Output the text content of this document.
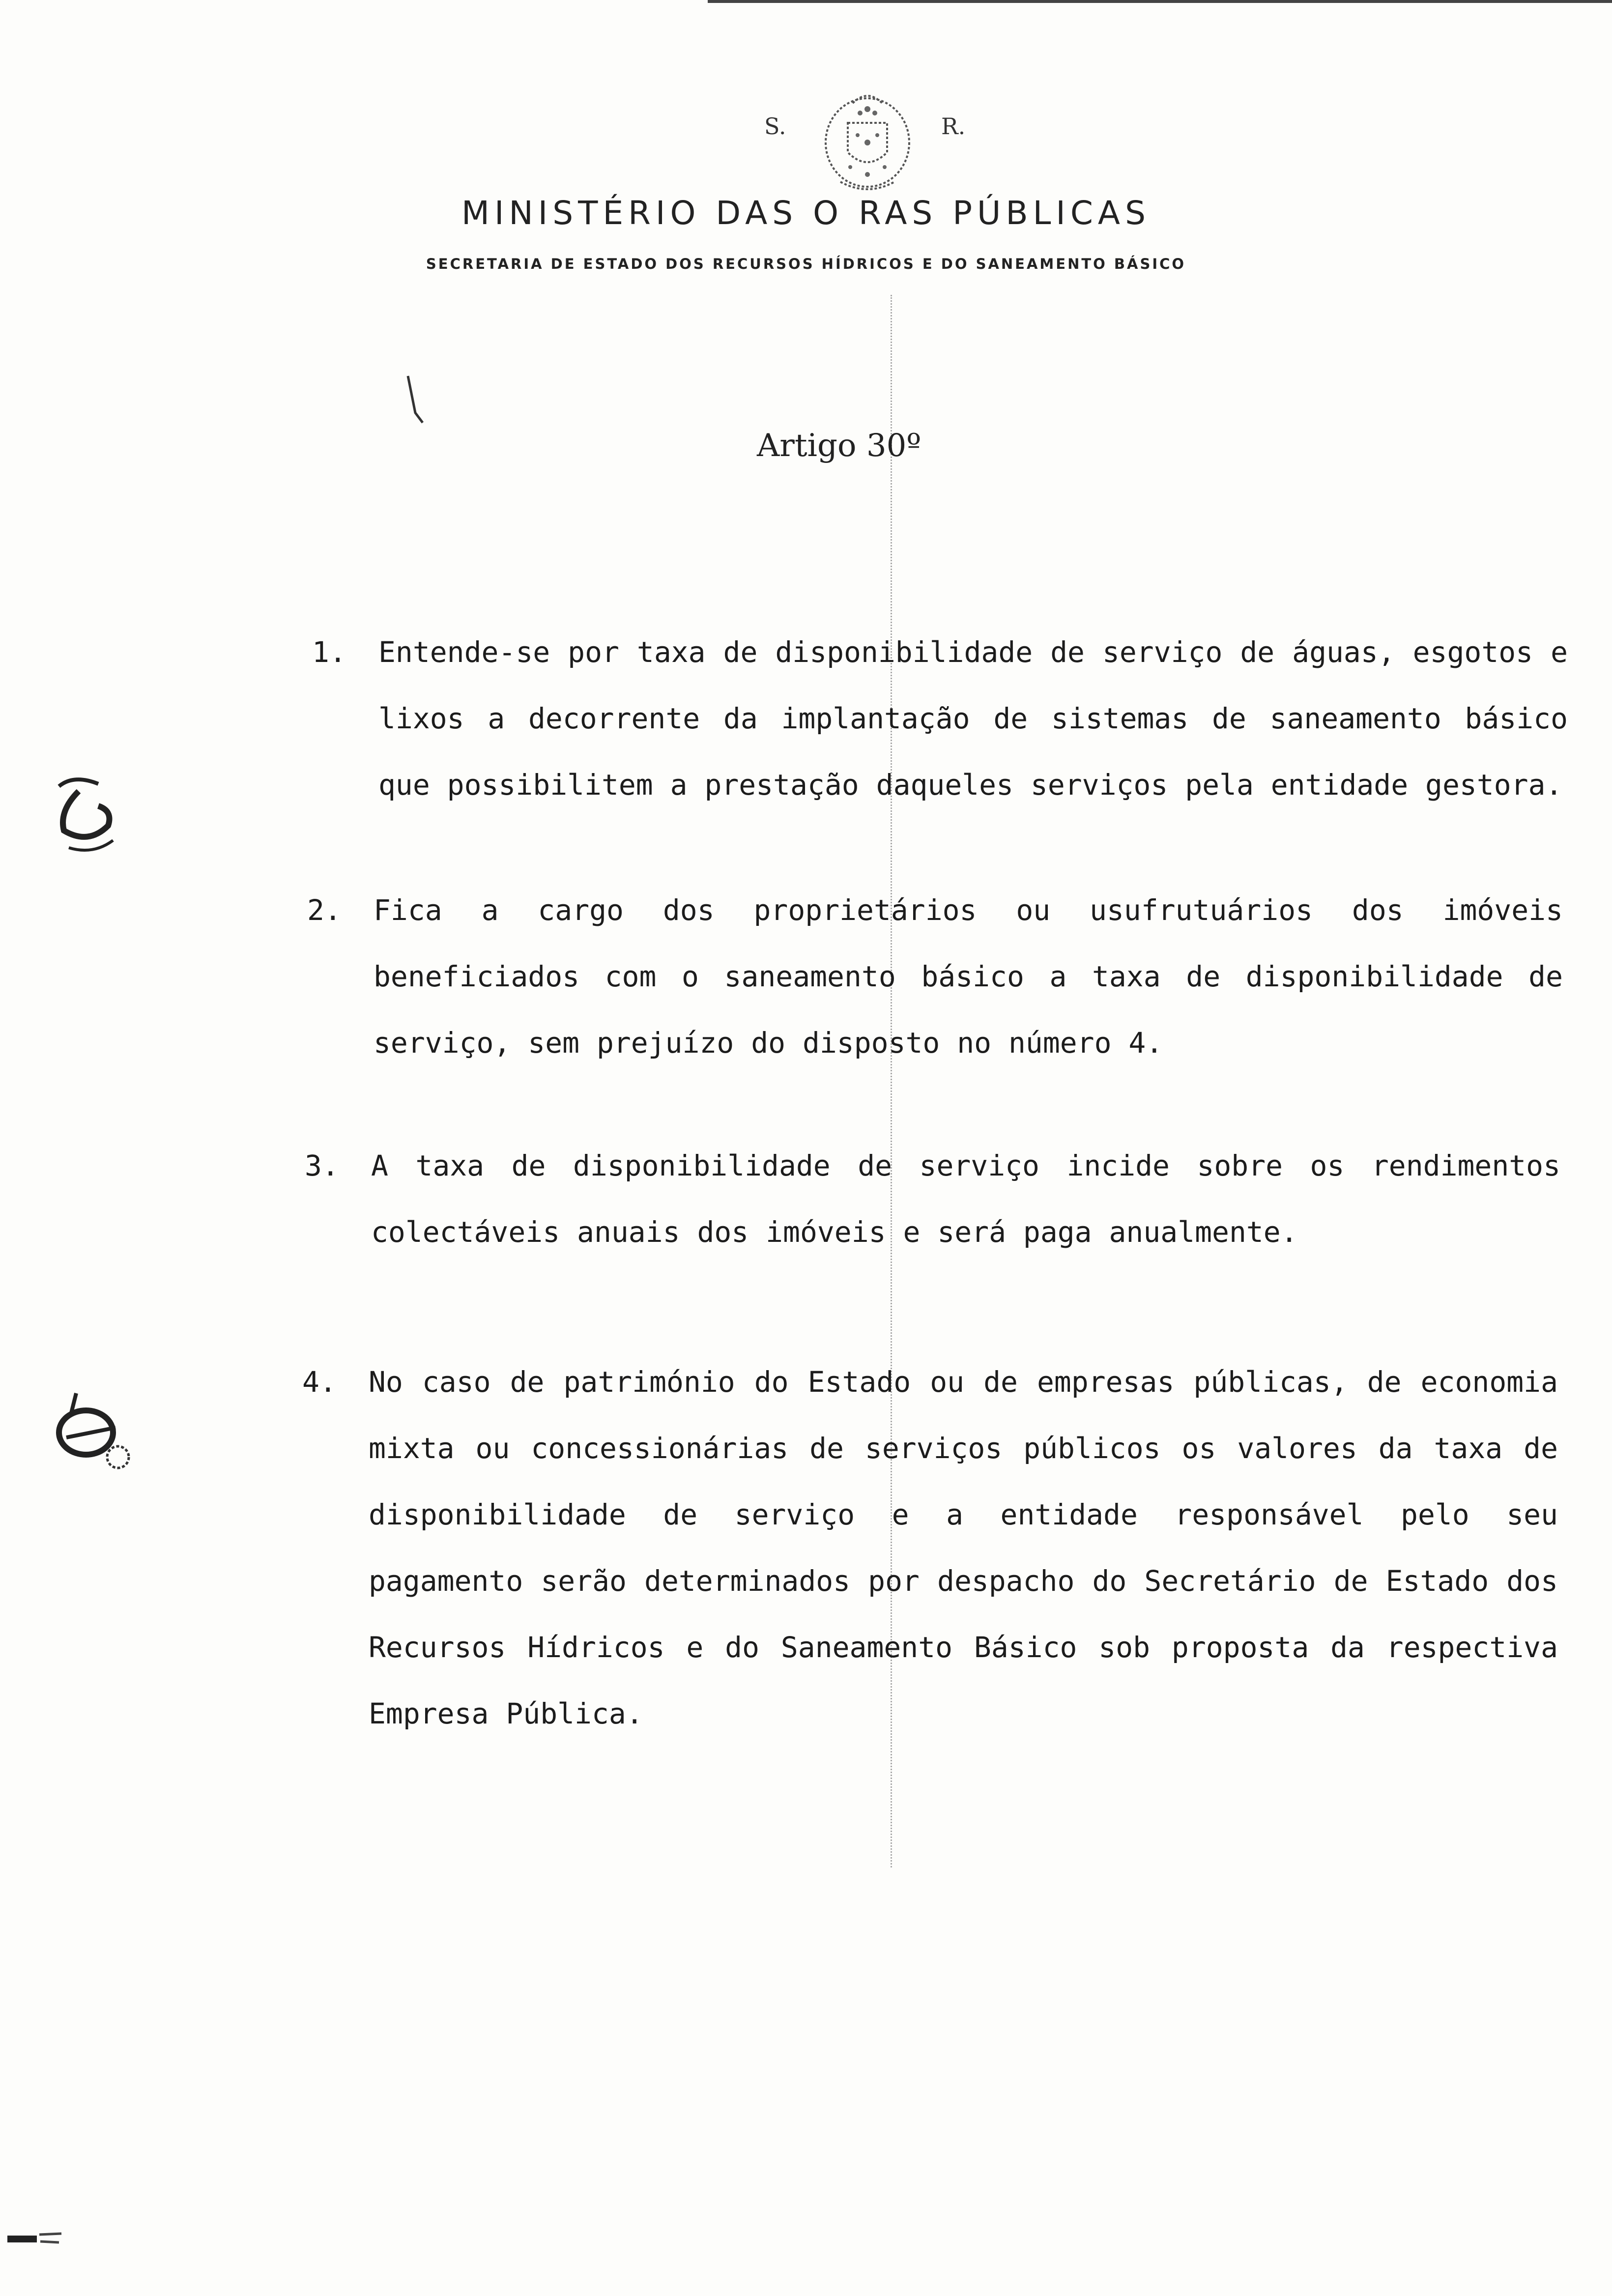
S.	R.
MINISTÉRIO DAS O RAS PÚBLICAS
SECRETARIA DE ESTADO DOS RECURSOS HÍDRICOS E DO SANEAMENTO BÁSICO
Artigo 30º
1. Entende-se por taxa de disponibilidade de serviço de águas, esgotos e lixos a decorrente da implantação de sistemas de saneamento básico que possibilitem a prestação daqueles serviços pela entidade gestora.
2. Fica a cargo dos proprietários ou usufrutuários dos imóveis beneficiados com o saneamento básico a taxa de disponibilidade de serviço, sem prejuízo do disposto no número 4.
3. A taxa de disponibilidade de serviço incide sobre os rendimentos colectáveis anuais dos imóveis e será paga anualmente.
4. No caso de património do Estado ou de empresas públicas, de economia mixta ou concessionárias de serviços públicos os valores da taxa de disponibilidade de serviço e a entidade responsável pelo seu pagamento serão determinados por despacho do Secretário de Estado dos Recursos Hídricos e do Saneamento Básico sob proposta da respectiva Empresa Pública.
